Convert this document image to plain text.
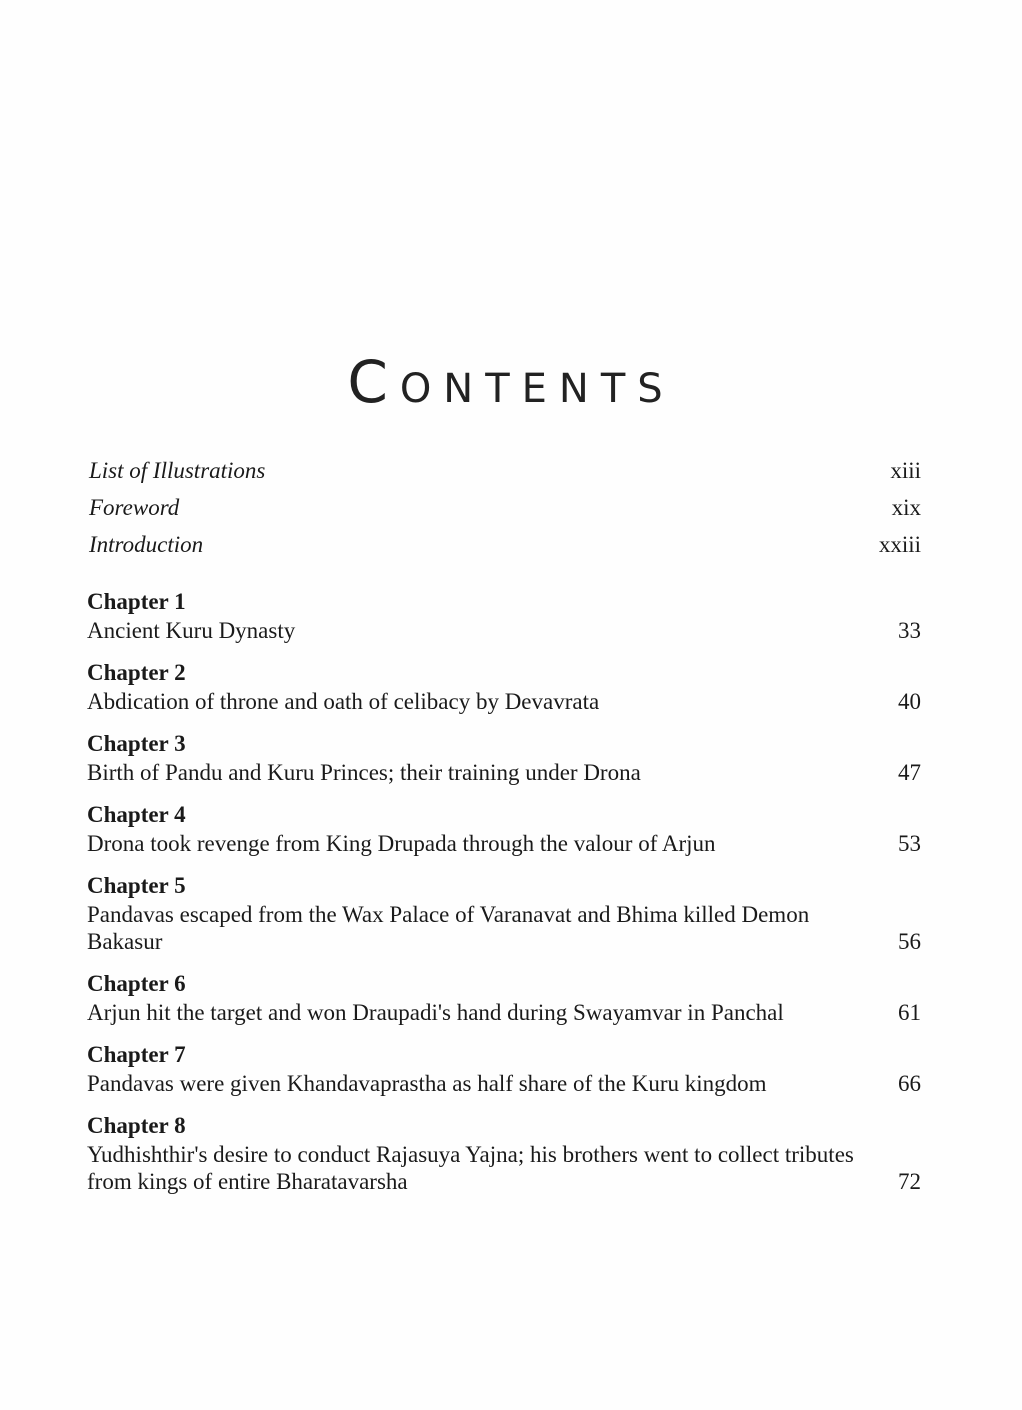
CONTENTS
List of Illustrations	xiii
Foreword	xix
Introduction	xxiii
Chapter 1
Ancient Kuru Dynasty	33
Chapter 2
Abdication of throne and oath of celibacy by Devavrata	40
Chapter 3
Birth of Pandu and Kuru Princes; their training under Drona	47
Chapter 4
Drona took revenge from King Drupada through the valour of Arjun	53
Chapter 5
Pandavas escaped from the Wax Palace of Varanavat and Bhima killed Demon Bakasur	56
Chapter 6
Arjun hit the target and won Draupadi's hand during Swayamvar in Panchal	61
Chapter 7
Pandavas were given Khandavaprastha as half share of the Kuru kingdom	66
Chapter 8
Yudhishthir's desire to conduct Rajasuya Yajna; his brothers went to collect tributes from kings of entire Bharatavarsha	72
